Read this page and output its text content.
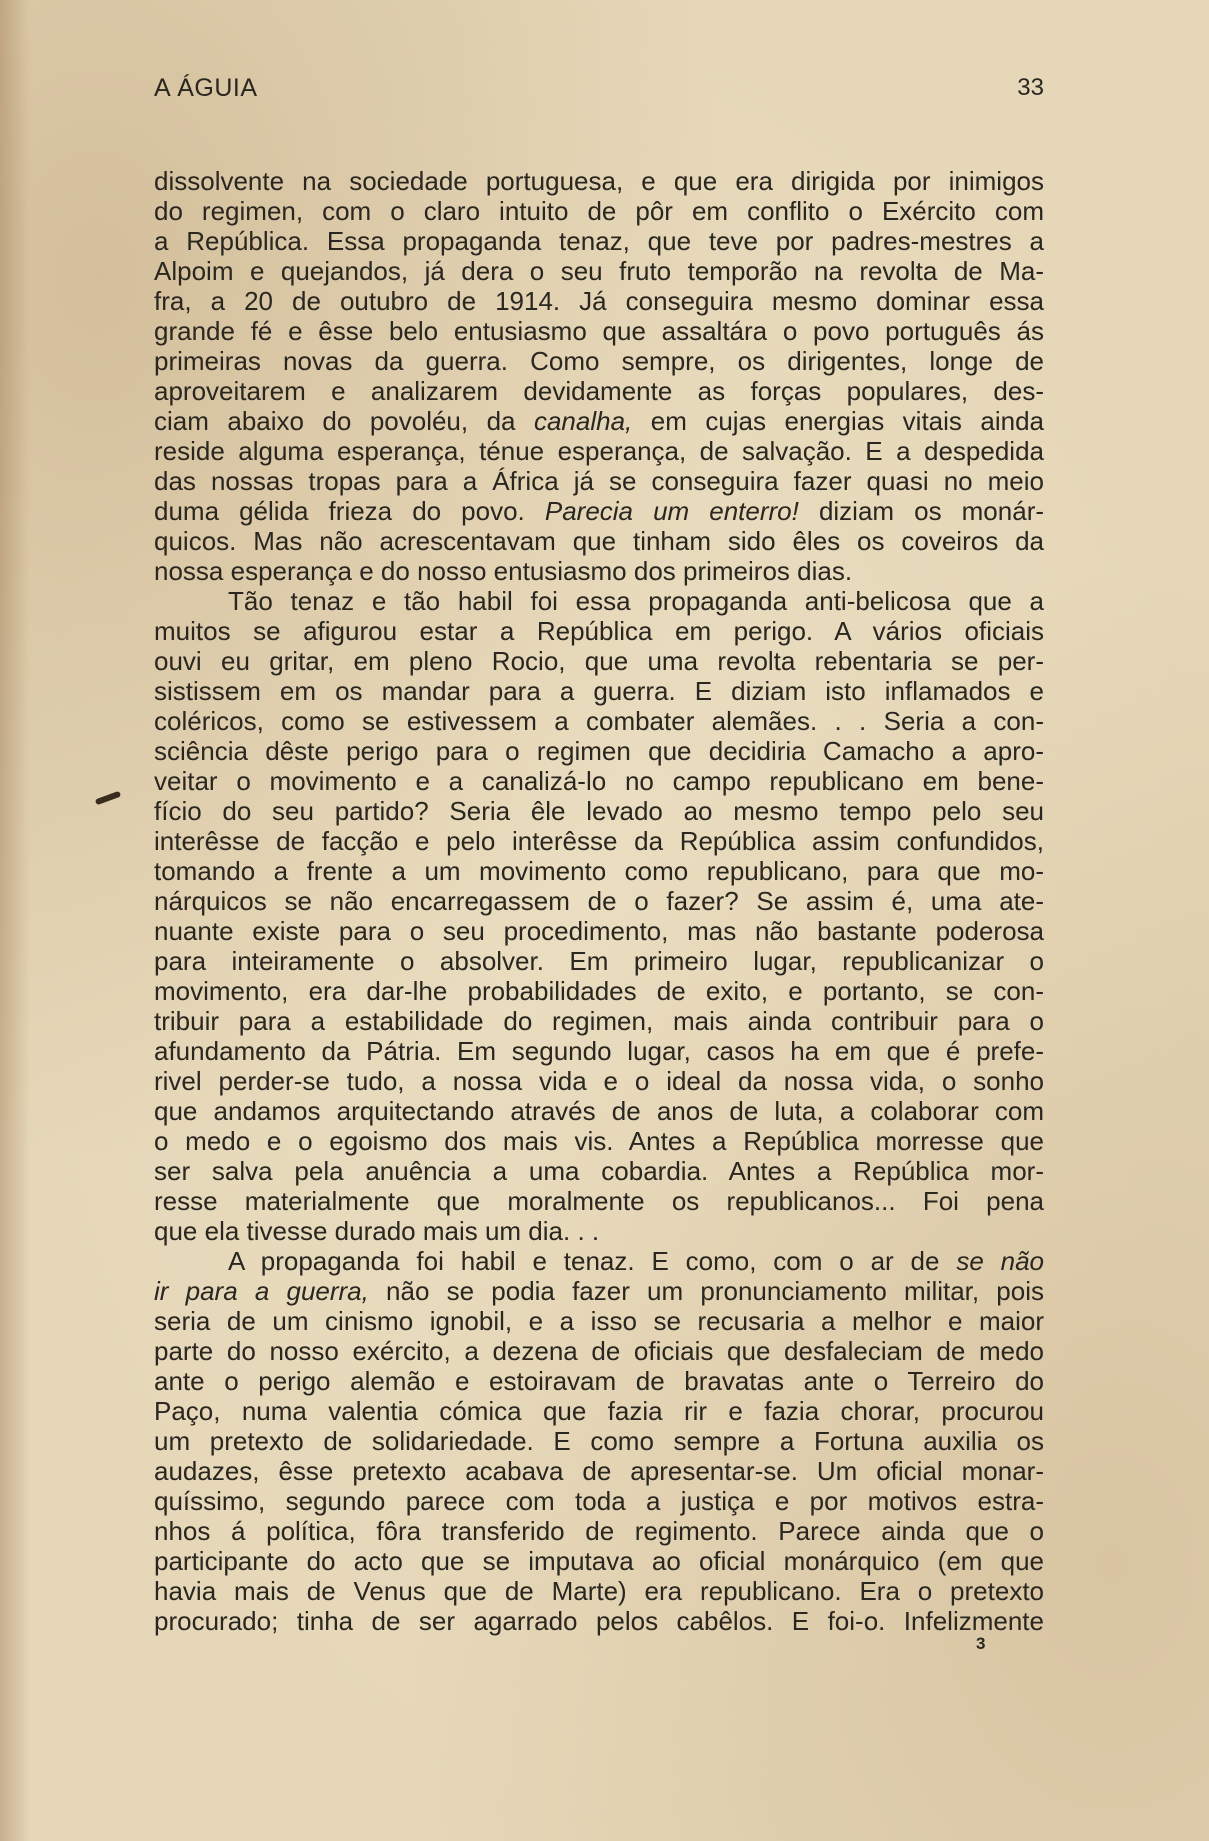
A ÁGUIA	33
dissolvente na sociedade portuguesa, e que era dirigida por inimigos
do regimen, com o claro intuito de pôr em conflito o Exército com
a República. Essa propaganda tenaz, que teve por padres-mestres a
Alpoim e quejandos, já dera o seu fruto temporão na revolta de Ma-
fra, a 20 de outubro de 1914. Já conseguira mesmo dominar essa
grande fé e êsse belo entusiasmo que assaltára o povo português ás
primeiras novas da guerra. Como sempre, os dirigentes, longe de
aproveitarem e analizarem devidamente as forças populares, des-
ciam abaixo do povoléu, da canalha, em cujas energias vitais ainda
reside alguma esperança, ténue esperança, de salvação. E a despedida
das nossas tropas para a África já se conseguira fazer quasi no meio
duma gélida frieza do povo. Parecia um enterro! diziam os monár-
quicos. Mas não acrescentavam que tinham sido êles os coveiros da
nossa esperança e do nosso entusiasmo dos primeiros dias.
Tão tenaz e tão habil foi essa propaganda anti-belicosa que a
muitos se afigurou estar a República em perigo. A vários oficiais
ouvi eu gritar, em pleno Rocio, que uma revolta rebentaria se per-
sistissem em os mandar para a guerra. E diziam isto inflamados e
coléricos, como se estivessem a combater alemães. . . Seria a con-
sciência dêste perigo para o regimen que decidiria Camacho a apro-
veitar o movimento e a canalizá-lo no campo republicano em bene-
fício do seu partido? Seria êle levado ao mesmo tempo pelo seu
interêsse de facção e pelo interêsse da República assim confundidos,
tomando a frente a um movimento como republicano, para que mo-
nárquicos se não encarregassem de o fazer? Se assim é, uma ate-
nuante existe para o seu procedimento, mas não bastante poderosa
para inteiramente o absolver. Em primeiro lugar, republicanizar o
movimento, era dar-lhe probabilidades de exito, e portanto, se con-
tribuir para a estabilidade do regimen, mais ainda contribuir para o
afundamento da Pátria. Em segundo lugar, casos ha em que é prefe-
rivel perder-se tudo, a nossa vida e o ideal da nossa vida, o sonho
que andamos arquitectando através de anos de luta, a colaborar com
o medo e o egoismo dos mais vis. Antes a República morresse que
ser salva pela anuência a uma cobardia. Antes a República mor-
resse materialmente que moralmente os republicanos... Foi pena
que ela tivesse durado mais um dia. . .
A propaganda foi habil e tenaz. E como, com o ar de se não
ir para a guerra, não se podia fazer um pronunciamento militar, pois
seria de um cinismo ignobil, e a isso se recusaria a melhor e maior
parte do nosso exército, a dezena de oficiais que desfaleciam de medo
ante o perigo alemão e estoiravam de bravatas ante o Terreiro do
Paço, numa valentia cómica que fazia rir e fazia chorar, procurou
um pretexto de solidariedade. E como sempre a Fortuna auxilia os
audazes, êsse pretexto acabava de apresentar-se. Um oficial monar-
quíssimo, segundo parece com toda a justiça e por motivos estra-
nhos á política, fôra transferido de regimento. Parece ainda que o
participante do acto que se imputava ao oficial monárquico (em que
havia mais de Venus que de Marte) era republicano. Era o pretexto
procurado; tinha de ser agarrado pelos cabêlos. E foi-o. Infelizmente
3
